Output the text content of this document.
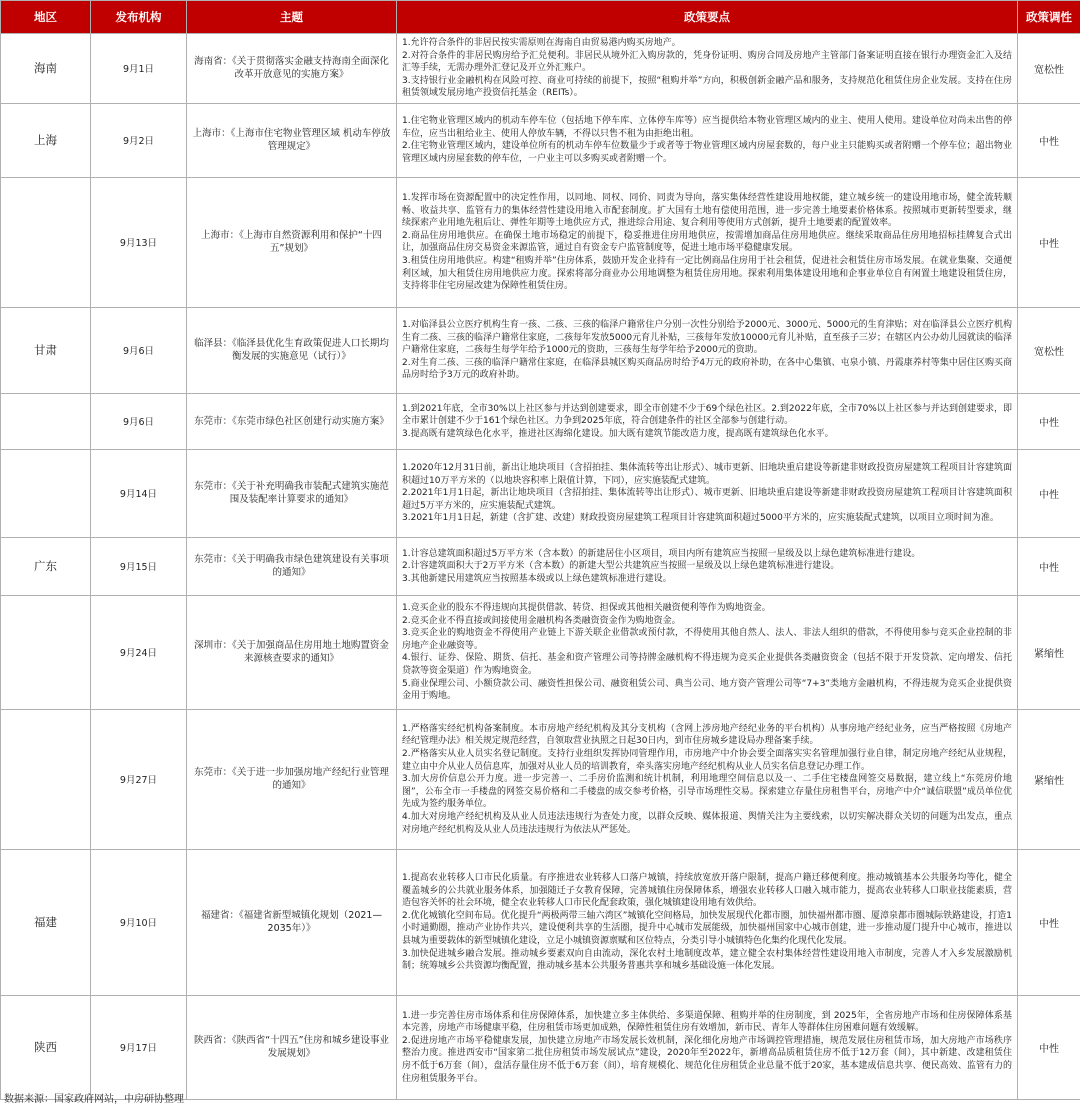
地区	发布机构	主题	政策要点	政策调性
海南	9月1日	海南省：《关于贯彻落实金融支持海南全面深化改革开放意见的实施方案》	1.允许符合条件的非居民按实需原则在海南自由贸易港内购买房地产。
2.对符合条件的非居民购房给予汇兑便利。非居民从境外汇入购房款的，凭身份证明、购房合同及房地产主管部门备案证明直接在银行办理资金汇入及结汇等手续，无需办理外汇登记及开立外汇账户。
3.支持银行业金融机构在风险可控、商业可持续的前提下，按照“租购并举”方向，积极创新金融产品和服务，支持规范化租赁住房企业发展。支持在住房租赁领域发展房地产投资信托基金（REITs）。	宽松性
上海	9月2日	上海市：《上海市住宅物业管理区域 机动车停放管理规定》	1.住宅物业管理区域内的机动车停车位（包括地下停车库、立体停车库等）应当提供给本物业管理区域内的业主、使用人使用。建设单位对尚未出售的停车位，应当出租给业主、使用人停放车辆，不得以只售不租为由拒绝出租。
2.住宅物业管理区域内，建设单位所有的机动车停车位数量少于或者等于物业管理区域内房屋套数的，每户业主只能购买或者附赠一个停车位；超出物业管理区域内房屋套数的停车位，一户业主可以多购买或者附赠一个。	中性
	9月13日	上海市：《上海市自然资源利用和保护“十四五”规划》	1.发挥市场在资源配置中的决定性作用，以同地、同权、同价、同责为导向，落实集体经营性建设用地权能，建立城乡统一的建设用地市场，健全流转顺畅、收益共享、监管有力的集体经营性建设用地入市配套制度。扩大国有土地有偿使用范围，进一步完善土地要素价格体系。按照城市更新转型要求，继续探索产业用地先租后让、弹性年期等土地供应方式，推进综合用途、复合利用等使用方式创新，提升土地要素的配置效率。
2.商品住房用地供应。在确保土地市场稳定的前提下，稳妥推进住房用地供应，按需增加商品住房用地供应。继续采取商品住房用地招标挂牌复合式出让，加强商品住房交易资金来源监管，通过自有资金专户监管制度等，促进土地市场平稳健康发展。
3.租赁住房用地供应。构建“租购并举”住房体系，鼓励开发企业持有一定比例商品住房用于社会租赁，促进社会租赁住房市场发展。在就业集聚、交通便利区域，加大租赁住房用地供应力度。探索将部分商业办公用地调整为租赁住房用地。探索利用集体建设用地和企事业单位自有闲置土地建设租赁住房，支持将非住宅房屋改建为保障性租赁住房。	中性
甘肃	9月6日	临泽县：《临泽县优化生育政策促进人口长期均衡发展的实施意见（试行）》	1.对临泽县公立医疗机构生育一孩、二孩、三孩的临泽户籍常住户分别一次性分别给予2000元、3000元、5000元的生育津贴；对在临泽县公立医疗机构生育二孩、三孩的临泽户籍常住家庭，二孩每年发放5000元育儿补贴，三孩每年发放10000元育儿补贴，直至孩子三岁；在辖区内公办幼儿园就读的临泽户籍常住家庭，二孩每生每学年给予1000元的资助，三孩每生每学年给予2000元的资助。
2.对生育二孩、三孩的临泽户籍常住家庭，在临泽县城区购买商品房时给予4万元的政府补助，在各中心集镇、屯泉小镇、丹霞康养村等集中居住区购买商品房时给予3万元的政府补助。	宽松性
	9月6日	东莞市：《东莞市绿色社区创建行动实施方案》	1.到2021年底，全市30%以上社区参与并达到创建要求，即全市创建不少于69个绿色社区。2.到2022年底，全市70%以上社区参与并达到创建要求，即全市累计创建不少于161个绿色社区。力争到2025年底，符合创建条件的社区全部参与创建行动。
3.提高既有建筑绿色化水平，推进社区海绵化建设。加大既有建筑节能改造力度，提高既有建筑绿色化水平。	中性
	9月14日	东莞市：《关于补充明确我市装配式建筑实施范围及装配率计算要求的通知》	1.2020年12月31日前，新出让地块项目（含招拍挂、集体流转等出让形式）、城市更新、旧地块重启建设等新建非财政投资房屋建筑工程项目计容建筑面积超过10万平方米的（以地块容积率上限值计算，下同），应实施装配式建筑。
2.2021年1月1日起，新出让地块项目（含招拍挂、集体流转等出让形式）、城市更新、旧地块重启建设等新建非财政投资房屋建筑工程项目计容建筑面积超过5万平方米的，应实施装配式建筑。
3.2021年1月1日起，新建（含扩建、改建）财政投资房屋建筑工程项目计容建筑面积超过5000平方米的，应实施装配式建筑，以项目立项时间为准。	中性
广东	9月15日	东莞市：《关于明确我市绿色建筑建设有关事项的通知》	1.计容总建筑面积超过5万平方米（含本数）的新建居住小区项目，项目内所有建筑应当按照一星级及以上绿色建筑标准进行建设。
2.计容建筑面积大于2万平方米（含本数）的新建大型公共建筑应当按照一星级及以上绿色建筑标准进行建设。
3.其他新建民用建筑应当按照基本级或以上绿色建筑标准进行建设。	中性
	9月24日	深圳市：《关于加强商品住房用地土地购置资金来源核查要求的通知》	1.竞买企业的股东不得违规向其提供借款、转贷、担保或其他相关融资便利等作为购地资金。
2.竞买企业不得直接或间接使用金融机构各类融资资金作为购地资金。
3.竞买企业的购地资金不得使用产业链上下游关联企业借款或预付款，不得使用其他自然人、法人、非法人组织的借款，不得使用参与竞买企业控制的非房地产企业融资等。
4.银行、证券、保险、期货、信托、基金和资产管理公司等持牌金融机构不得违规为竞买企业提供各类融资资金（包括不限于开发贷款、定向增发、信托贷款等资金渠道）作为购地资金。
5.商业保理公司、小额贷款公司、融资性担保公司、融资租赁公司、典当公司、地方资产管理公司等“7+3”类地方金融机构，不得违规为竞买企业提供资金用于购地。	紧缩性
	9月27日	东莞市：《关于进一步加强房地产经纪行业管理的通知》	1.严格落实经纪机构备案制度。本市房地产经纪机构及其分支机构（含网上涉房地产经纪业务的平台机构）从事房地产经纪业务，应当严格按照《房地产经纪管理办法》相关规定规范经营，自领取营业执照之日起30日内，到市住房城乡建设局办理备案手续。
2.严格落实从业人员实名登记制度。支持行业组织发挥协同管理作用，市房地产中介协会要全面落实实名管理加强行业自律，制定房地产经纪从业规程，建立由中介从业人员信息库，加强对从业人员的培训教育，牵头落实房地产经纪机构从业人员实名信息登记办理工作。
3.加大房价信息公开力度。进一步完善一、二手房价监测和统计机制，利用地理空间信息以及一、二手住宅楼盘网签交易数据，建立线上“东莞房价地图”，公布全市一手楼盘的网签交易价格和二手楼盘的成交参考价格，引导市场理性交易。探索建立存量住房租售平台，房地产中介“诚信联盟”成员单位优先成为签约服务单位。
4.加大对房地产经纪机构及从业人员违法违规行为查处力度，以群众反映、媒体报道、舆情关注为主要线索，以切实解决群众关切的问题为出发点，重点对房地产经纪机构及从业人员违法违规行为依法从严惩处。	紧缩性
福建	9月10日	福建省：《福建省新型城镇化规划（2021—2035年）》	1.提高农业转移人口市民化质量。有序推进农业转移人口落户城镇，持续放宽放开落户限制，提高户籍迁移便利度。推动城镇基本公共服务均等化，健全覆盖城乡的公共就业服务体系，加强随迁子女教育保障，完善城镇住房保障体系，增强农业转移人口融入城市能力，提高农业转移人口职业技能素质，营造包容关怀的社会环境，健全农业转移人口市民化配套政策，强化城镇建设用地有效供给。
2.优化城镇化空间布局。优化提升“两极两带三轴六湾区”城镇化空间格局，加快发展现代化都市圈，加快福州都市圈、厦漳泉都市圈城际铁路建设，打造1小时通勤圈，推动产业协作共兴，建设便利共享的生活圈，提升中心城市发展能级，加快福州国家中心城市创建，进一步推动厦门提升中心城市，推进以县城为重要载体的新型城镇化建设，立足小城镇资源禀赋和区位特点，分类引导小城镇特色化集约化现代化发展。
3.加快促进城乡融合发展。推动城乡要素双向自由流动，深化农村土地制度改革，建立健全农村集体经营性建设用地入市制度，完善人才入乡发展激励机制；统筹城乡公共资源均衡配置，推动城乡基本公共服务普惠共享和城乡基础设施一体化发展。	中性
陕西	9月17日	陕西省：《陕西省“十四五”住房和城乡建设事业发展规划》	1.进一步完善住房市场体系和住房保障体系，加快建立多主体供给、多渠道保障、租购并举的住房制度，到 2025年，全省房地产市场和住房保障体系基本完善，房地产市场健康平稳，住房租赁市场更加成熟，保障性租赁住房有效增加，新市民、青年人等群体住房困难问题有效缓解。
2.促进房地产市场平稳健康发展，加快建立房地产市场发展长效机制，深化细化房地产市场调控管理措施，规范发展住房租赁市场，加大房地产市场秩序整治力度。推进西安市“国家第二批住房租赁市场发展试点”建设，2020年至2022年，新增高品质租赁住房不低于12万套（间），其中新建、改建租赁住房不低于6万套（间），盘活存量住房不低于6万套（间），培育规模化、规范化住房租赁企业总量不低于20家，基本建成信息共享、便民高效、监管有力的住房租赁服务平台。	中性
数据来源：国家政府网站，中房研协整理
